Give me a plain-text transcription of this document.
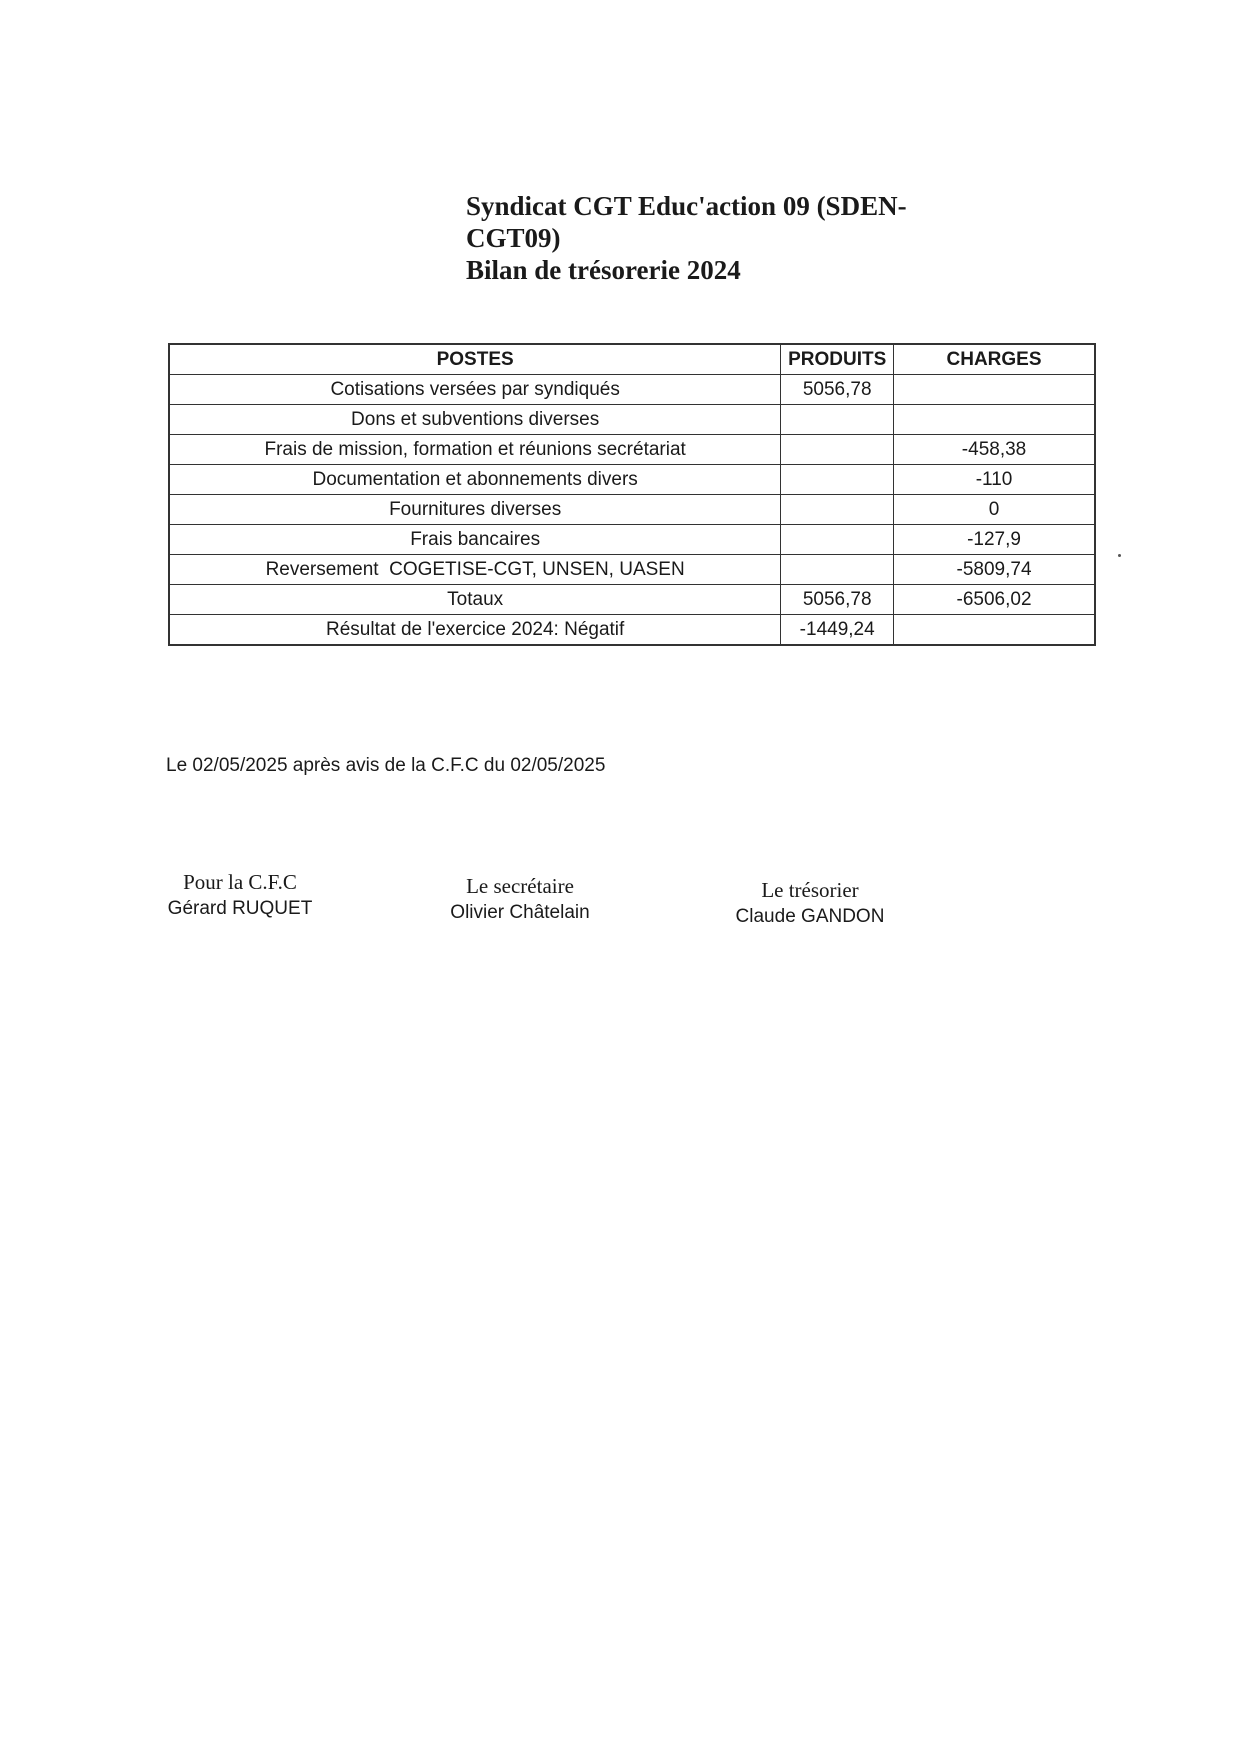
Syndicat CGT Educ'action 09 (SDEN-
CGT09)
Bilan de trésorerie 2024
POSTES	PRODUITS	CHARGES
Cotisations versées par syndiqués	5056,78	
Dons et subventions diverses		
Frais de mission, formation et réunions secrétariat		-458,38
Documentation et abonnements divers		-110
Fournitures diverses		0
Frais bancaires		-127,9
Reversement  COGETISE-CGT, UNSEN, UASEN		-5809,74
Totaux	5056,78	-6506,02
Résultat de l'exercice 2024: Négatif	-1449,24	
Le 02/05/2025 après avis de la C.F.C du 02/05/2025
Pour la C.F.C
Gérard RUQUET
Le secrétaire
Olivier Châtelain
Le trésorier
Claude GANDON
